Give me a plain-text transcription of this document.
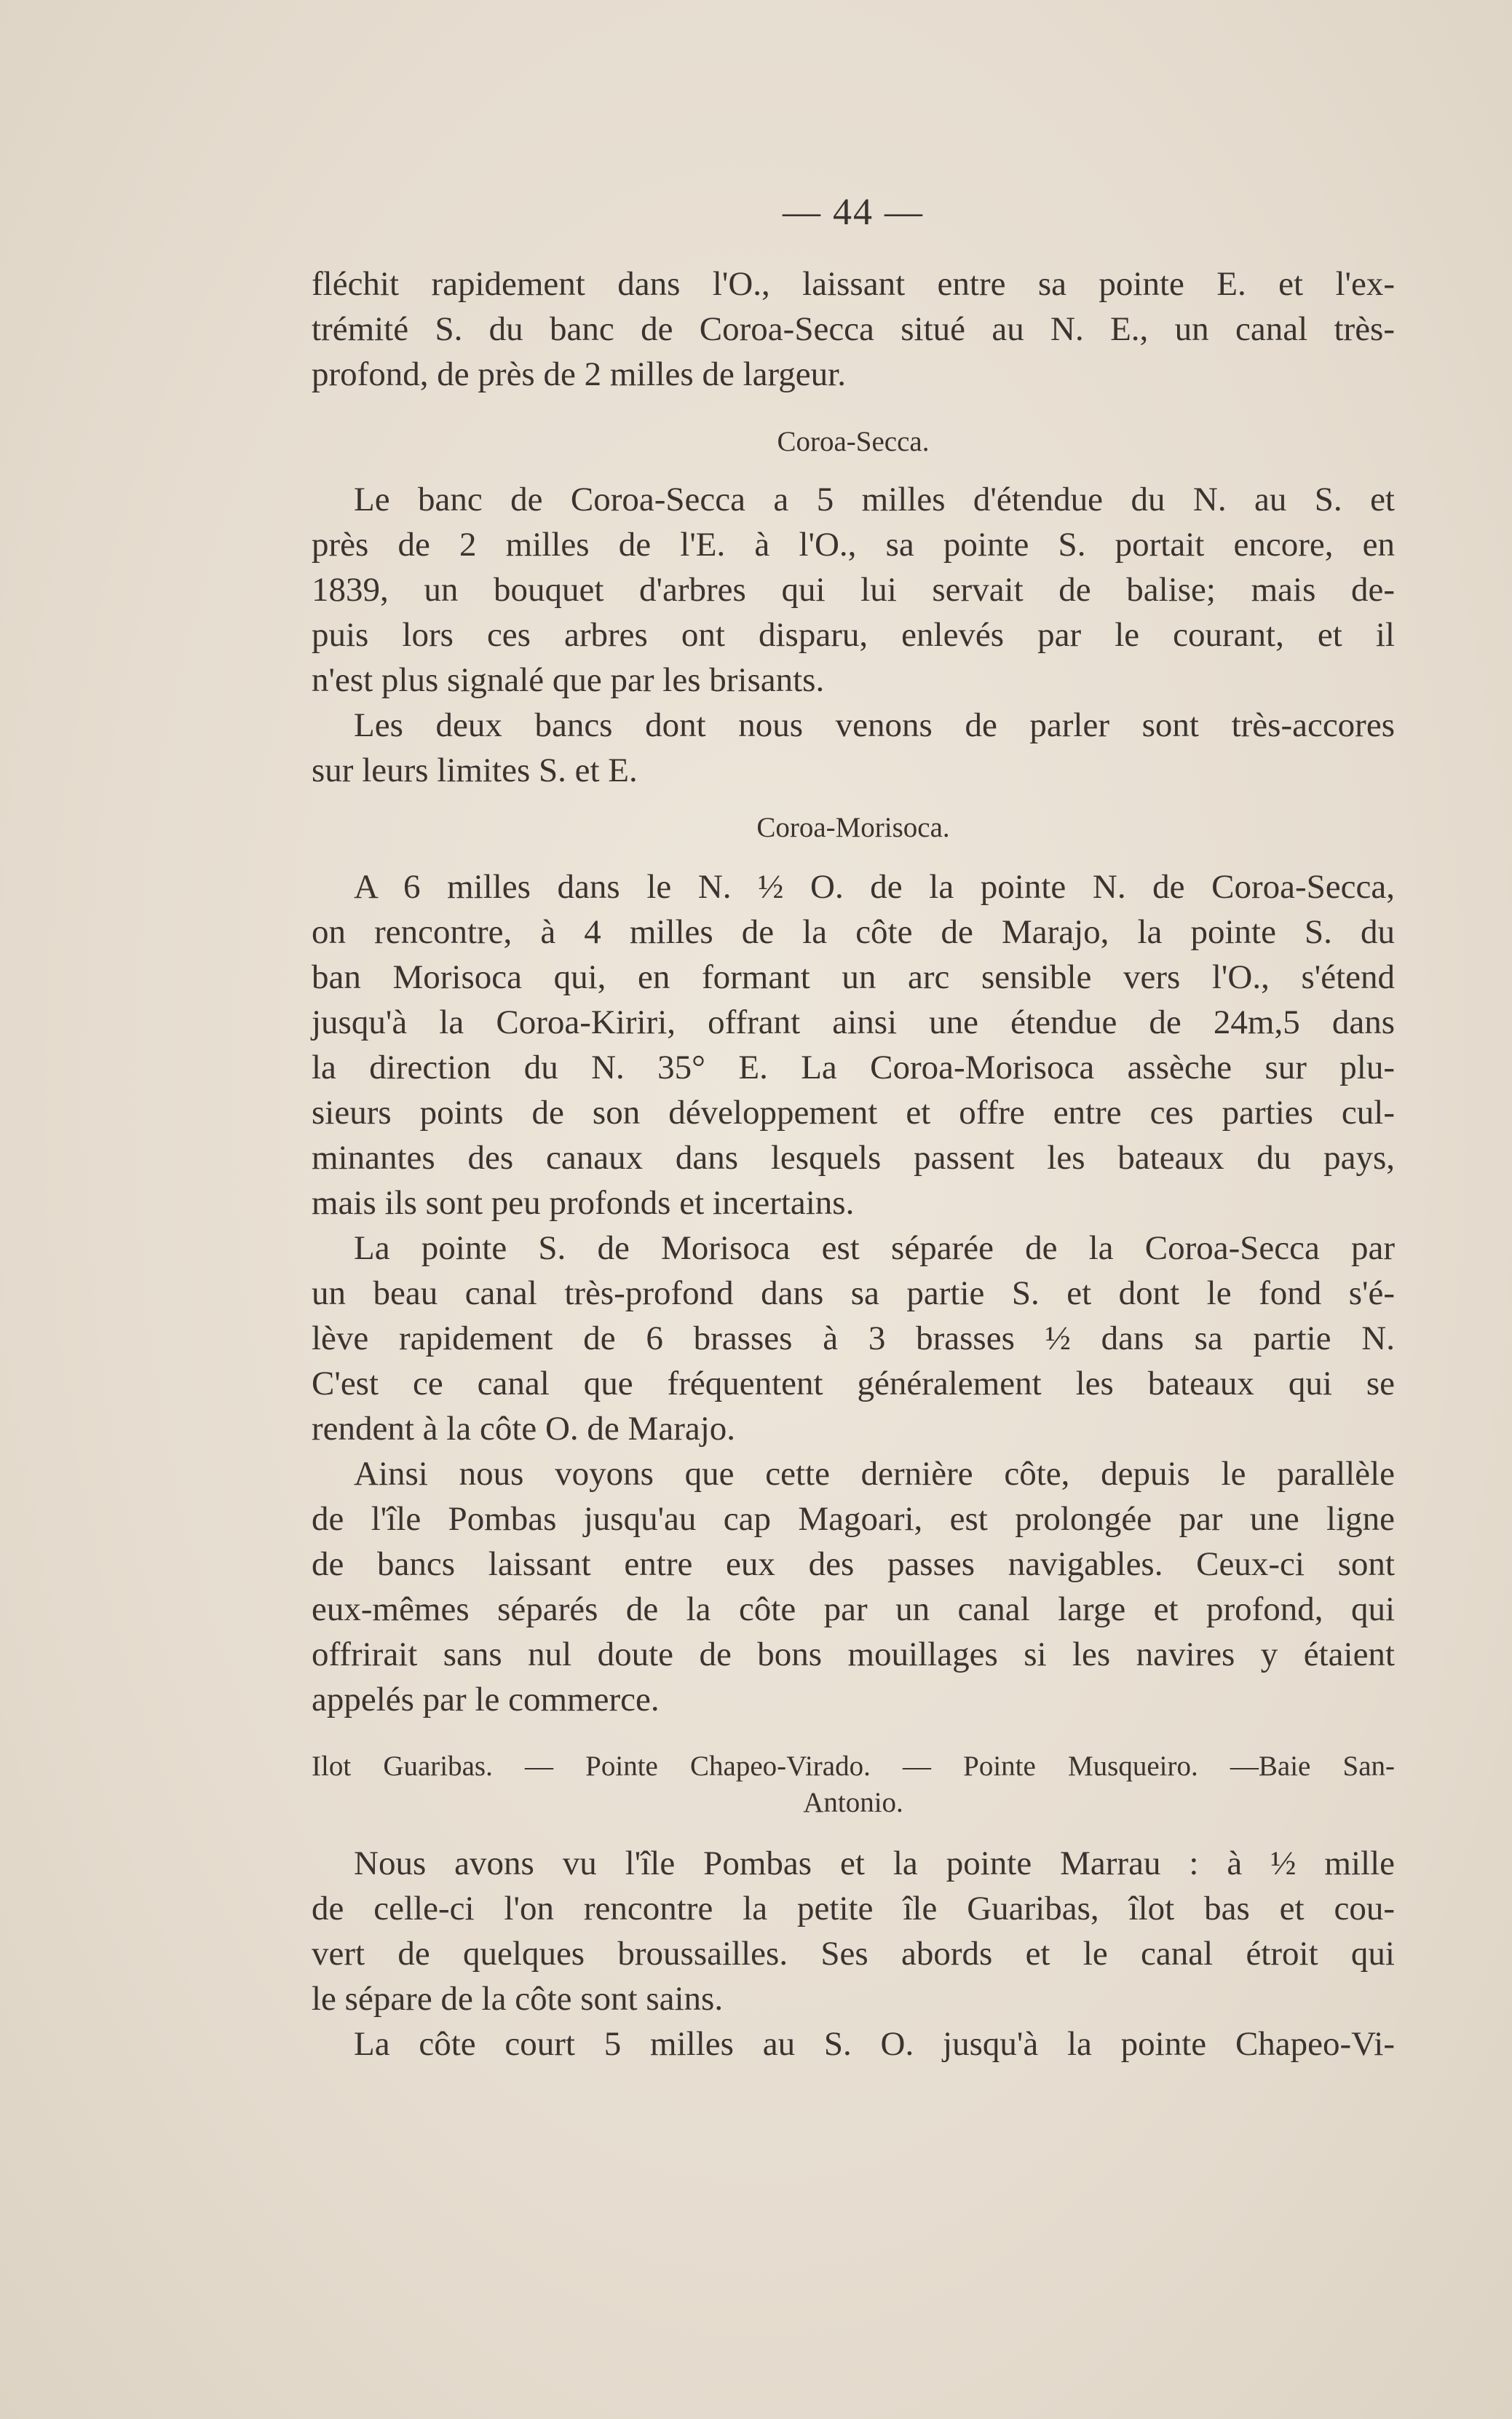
— 44 —
fléchit rapidement dans l'O., laissant entre sa pointe E. et l'ex-
trémité S. du banc de Coroa-Secca situé au N. E., un canal très-
profond, de près de 2 milles de largeur.
Coroa-Secca.
Le banc de Coroa-Secca a 5 milles d'étendue du N. au S. et
près de 2 milles de l'E. à l'O., sa pointe S. portait encore, en
1839, un bouquet d'arbres qui lui servait de balise; mais de-
puis lors ces arbres ont disparu, enlevés par le courant, et il
n'est plus signalé que par les brisants.
Les deux bancs dont nous venons de parler sont très-accores
sur leurs limites S. et E.
Coroa-Morisoca.
A 6 milles dans le N. ½ O. de la pointe N. de Coroa-Secca,
on rencontre, à 4 milles de la côte de Marajo, la pointe S. du
ban Morisoca qui, en formant un arc sensible vers l'O., s'étend
jusqu'à la Coroa-Kiriri, offrant ainsi une étendue de 24m,5 dans
la direction du N. 35° E. La Coroa-Morisoca assèche sur plu-
sieurs points de son développement et offre entre ces parties cul-
minantes des canaux dans lesquels passent les bateaux du pays,
mais ils sont peu profonds et incertains.
La pointe S. de Morisoca est séparée de la Coroa-Secca par
un beau canal très-profond dans sa partie S. et dont le fond s'é-
lève rapidement de 6 brasses à 3 brasses ½ dans sa partie N.
C'est ce canal que fréquentent généralement les bateaux qui se
rendent à la côte O. de Marajo.
Ainsi nous voyons que cette dernière côte, depuis le parallèle
de l'île Pombas jusqu'au cap Magoari, est prolongée par une ligne
de bancs laissant entre eux des passes navigables. Ceux-ci sont
eux-mêmes séparés de la côte par un canal large et profond, qui
offrirait sans nul doute de bons mouillages si les navires y étaient
appelés par le commerce.
Ilot Guaribas. — Pointe Chapeo-Virado. — Pointe Musqueiro. —Baie San-
Antonio.
Nous avons vu l'île Pombas et la pointe Marrau : à ½ mille
de celle-ci l'on rencontre la petite île Guaribas, îlot bas et cou-
vert de quelques broussailles. Ses abords et le canal étroit qui
le sépare de la côte sont sains.
La côte court 5 milles au S. O. jusqu'à la pointe Chapeo-Vi-
